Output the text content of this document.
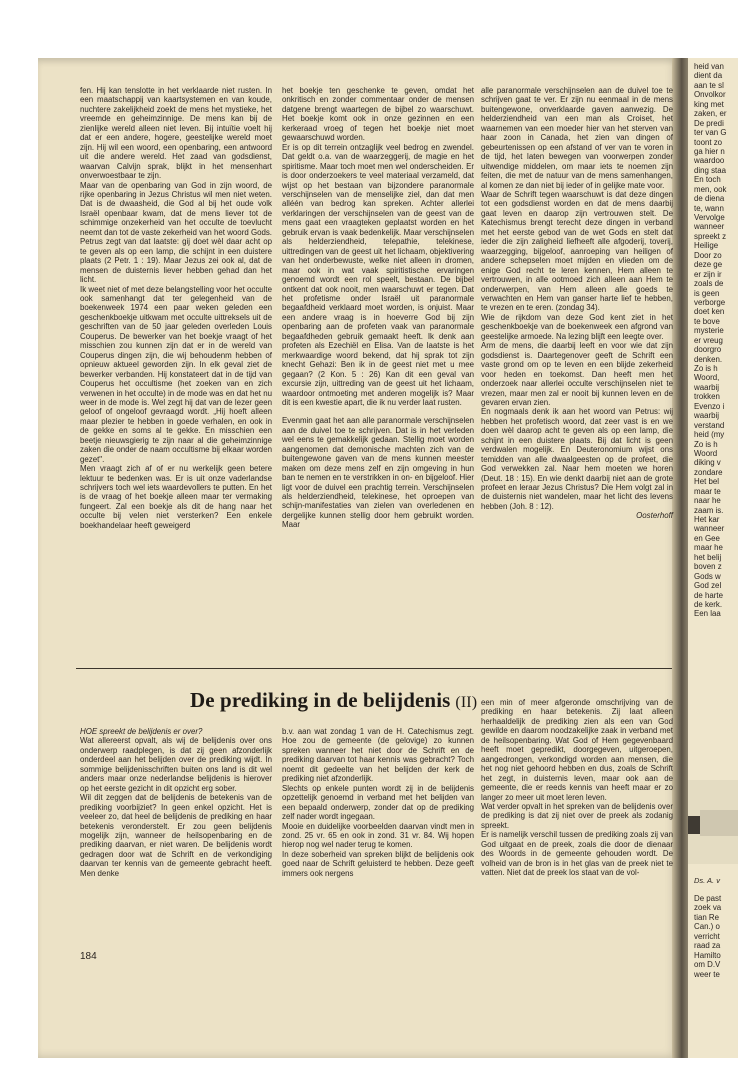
heid van
dient da
aan te sl
Onvolkor
king met
zaken, er
De predi
ter van G
toont zo
ga hier n
waardoo
ding staa
En toch
men, ook
de diena
te, wann
Vervolge
wanneer
spreekt z
Heilige
Door zo
deze ge
er zijn ir
zoals de
is geen
verborge
doet ken
te bove
mysterie
er vreug
doorgro
denken.
Zo is h
Woord,
waarbij
trokken
Evenzo i
waarbij
verstand
heid (my
Zo is h
Woord
diking v
zondare
Het bel
maar te
naar he
zaam is.
Het kar
wanneer
en Gee
maar he
het belij
boven z
Gods w
God zel
de harte
de kerk.
Een laa
Ds. A. v
De past
zoek va
tian Re
Can.) o
verricht
raad za
Hamilto
om D.V
weer te

fen. Hij kan tenslotte in het verklaarde niet rusten. In een maatschappij van kaartsystemen en van koude, nuchtere zakelijkheid zoekt de mens het mystieke, het vreemde en geheimzinnige. De mens kan bij de zienlijke wereld alleen niet leven. Bij intuïtie voelt hij dat er een andere, hogere, geestelijke wereld moet zijn. Hij wil een woord, een openbaring, een antwoord uit die andere wereld. Het zaad van godsdienst, waarvan Calvijn sprak, blijkt in het mensenhart onverwoestbaar te zijn.

Maar van de openbaring van God in zijn woord, de rijke openbaring in Jezus Christus wil men niet weten. Dat is de dwaasheid, die God al bij het oude volk Israël openbaar kwam, dat de mens liever tot de schimmige onzekerheid van het occulte de toevlucht neemt dan tot de vaste zekerheid van het woord Gods. Petrus zegt van dat laatste: gij doet wèl daar acht op te geven als op een lamp, die schijnt in een duistere plaats (2 Petr. 1 : 19). Maar Jezus zei ook al, dat de mensen de duisternis liever hebben gehad dan het licht.

Ik weet niet of met deze belangstelling voor het occulte ook samenhangt dat ter gelegenheid van de boekenweek 1974 een paar weken geleden een geschenkboekje uitkwam met occulte uittreksels uit de geschriften van de 50 jaar geleden overleden Louis Couperus. De bewerker van het boekje vraagt of het misschien zou kunnen zijn dat er in de wereld van Couperus dingen zijn, die wij behoudenm hebben of opnieuw aktueel geworden zijn. In elk geval ziet de bewerker verbanden. Hij konstateert dat in de tijd van Couperus het occultisme (het zoeken van en zich verwenen in het occulte) in de mode was en dat het nu weer in de mode is. Wel zegt hij dat van de lezer geen geloof of ongeloof gevraagd wordt. „Hij hoeft alleen maar plezier te hebben in goede verhalen, en ook in de gekke en soms al te gekke. En misschien een beetje nieuwsgierig te zijn naar al die geheimzinnige zaken die onder de naam occultisme bij elkaar worden gezet".

Men vraagt zich af of er nu werkelijk geen betere lektuur te bedenken was. Er is uit onze vaderlandse schrijvers toch wel iets waardevollers te putten. En het is de vraag of het boekje alleen maar ter vermaking fungeert. Zal een boekje als dit de hang naar het occulte bij velen niet versterken? Een enkele boekhandelaar heeft geweigerd

het boekje ten geschenke te geven, omdat het onkritisch en zonder commentaar onder de mensen datgene brengt waartegen de bijbel zo waarschuwt. Het boekje komt ook in onze gezinnen en een kerkeraad vroeg of tegen het boekje niet moet gewaarschuwd worden.

Er is op dit terrein ontzaglijk veel bedrog en zwendel. Dat geldt o.a. van de waarzeggerij, de magie en het spiritisme. Maar toch moet men wel onderscheiden. Er is door onderzoekers te veel materiaal verzameld, dat wijst op het bestaan van bijzondere paranormale verschijnselen van de menselijke ziel, dan dat men alléén van bedrog kan spreken. Achter allerlei verklaringen der verschijnselen van de geest van de mens gaat een vraagteken geplaatst worden en het gebruik ervan is vaak bedenkelijk. Maar verschijnselen als helderziendheid, telepathie, telekinese, uittredingen van de geest uit het lichaam, objektivering van het onderbewuste, welke niet alleen in dromen, maar ook in wat vaak spiritistische ervaringen genoemd wordt een rol speelt, bestaan. De bijbel ontkent dat ook nooit, men waarschuwt er tegen. Dat het profetisme onder Israël uit paranormale begaafdheid verklaard moet worden, is onjuist. Maar een andere vraag is in hoeverre God bij zijn openbaring aan de profeten vaak van paranormale begaafdheden gebruik gemaakt heeft. Ik denk aan profeten als Ezechiël en Elisa. Van de laatste is het merkwaardige woord bekend, dat hij sprak tot zijn knecht Gehazi: Ben ik in de geest niet met u mee gegaan? (2 Kon. 5 : 26) Kan dit een geval van excursie zijn, uittreding van de geest uit het lichaam, waardoor ontmoeting met anderen mogelijk is? Maar dit is een kwestie apart, die ik nu verder laat rusten.

Evenmin gaat het aan alle paranormale verschijnselen aan de duivel toe te schrijven. Dat is in het verleden wel eens te gemakkelijk gedaan. Stellig moet worden aangenomen dat demonische machten zich van de buitengewone gaven van de mens kunnen meester maken om deze mens zelf en zijn omgeving in hun ban te nemen en te verstrikken in on- en bijgeloof. Hier ligt voor de duivel een prachtig terrein. Verschijnselen als helderziendheid, telekinese, het oproepen van schijn-manifestaties van zielen van overledenen en dergelijke kunnen stellig door hem gebruikt worden. Maar

alle paranormale verschijnselen aan de duivel toe te schrijven gaat te ver. Er zijn nu eenmaal in de mens buitengewone, onverklaarde gaven aanwezig. De helderziendheid van een man als Croiset, het waarnemen van een moeder hier van het sterven van haar zoon in Canada, het zien van dingen of gebeurtenissen op een afstand of ver van te voren in de tijd, het laten bewegen van voorwerpen zonder uitwendige middelen, om maar iets te noemen zijn feiten, die met de natuur van de mens samenhangen, al komen ze dan niet bij ieder of in gelijke mate voor.

Waar de Schrift tegen waarschuwt is dat deze dingen tot een godsdienst worden en dat de mens daarbij gaat leven en daarop zijn vertrouwen stelt. De Katechismus brengt terecht deze dingen in verband met het eerste gebod van de wet Gods en stelt dat ieder die zijn zaligheid liefheeft alle afgoderij, toverij, waarzegging, bijgeloof, aanroeping van heiligen of andere schepselen moet mijden en vlieden om de enige God recht te leren kennen, Hem alleen te vertrouwen, in alle ootmoed zich alleen aan Hem te onderwerpen, van Hem alleen alle goeds te verwachten en Hem van ganser harte lief te hebben, te vrezen en te eren. (zondag 34).

Wie de rijkdom van deze God kent ziet in het geschenkboekje van de boekenweek een afgrond van geestelijke armoede. Na lezing blijft een leegte over.

Arm de mens, die daarbij leeft en voor wie dat zijn godsdienst is. Daartegenover geeft de Schrift een vaste grond om op te leven en een blijde zekerheid voor heden en toekomst. Dan heeft men het onderzoek naar allerlei occulte verschijnselen niet te vrezen, maar men zal er nooit bij kunnen leven en de gevaren ervan zien.

En nogmaals denk ik aan het woord van Petrus: wij hebben het profetisch woord, dat zeer vast is en we doen wèl daarop acht te geven als op een lamp, die schijnt in een duistere plaats. Bij dat licht is geen verdwalen mogelijk. En Deuteronomium wijst ons temidden van alle dwaalgeesten op de profeet, die God verwekken zal. Naar hem moeten we horen (Deut. 18 : 15). En wie denkt daarbij niet aan de grote profeet en leraar Jezus Christus? Die Hem volgt zal in de duisternis niet wandelen, maar het licht des levens hebben (Joh. 8 : 12).

Oosterhoff

De prediking in de belijdenis (II)

HOE spreekt de belijdenis er over?

Wat allereerst opvalt, als wij de belijdenis over ons onderwerp raadplegen, is dat zij geen afzonderlijk onderdeel aan het belijden over de prediking wijdt. In sommige belijdenisschriften buiten ons land is dit wel anders maar onze nederlandse belijdenis is hierover op het eerste gezicht in dit opzicht erg sober.

Wil dit zeggen dat de belijdenis de betekenis van de prediking voorbijziet? In geen enkel opzicht. Het is veeleer zo, dat heel de belijdenis de prediking en haar betekenis veronderstelt. Er zou geen belijdenis mogelijk zijn, wanneer de heilsopenbaring en de prediking daarvan, er niet waren. De belijdenis wordt gedragen door wat de Schrift en de verkondiging daarvan ter kennis van de gemeente gebracht heeft. Men denke

b.v. aan wat zondag 1 van de H. Catechismus zegt. Hoe zou de gemeente (de gelovige) zo kunnen spreken wanneer het niet door de Schrift en de prediking daarvan tot haar kennis was gebracht? Toch noemt dit gedeelte van het belijden der kerk de prediking niet afzonderlijk.

Slechts op enkele punten wordt zij in de belijdenis opzettelijk genoemd in verband met het belijden van een bepaald onderwerp, zonder dat op de prediking zelf nader wordt ingegaan.

Mooie en duidelijke voorbeelden daarvan vindt men in zond. 25 vr. 65 en ook in zond. 31 vr. 84. Wij hopen hierop nog wel nader terug te komen.

In deze soberheid van spreken blijkt de belijdenis ook goed naar de Schrift geluisterd te hebben. Deze geeft immers ook nergens

een min of meer afgeronde omschrijving van de prediking en haar betekenis. Zij laat alleen herhaaldelijk de prediking zien als een van God gewilde en daarom noodzakelijke zaak in verband met de heilsopenbaring. Wat God of Hem gegevenbaard heeft moet gepredikt, doorgegeven, uitgeroepen, aangedrongen, verkondigd worden aan mensen, die het nog niet gehoord hebben en dus, zoals de Schrift het zegt, in duisternis leven, maar ook aan de gemeente, die er reeds kennis van heeft maar er zo langer zo meer uit moet leren leven.

Wat verder opvalt in het spreken van de belijdenis over de prediking is dat zij niet over de preek als zodanig spreekt.

Er is namelijk verschil tussen de prediking zoals zij van God uitgaat en de preek, zoals die door de dienaar des Woords in de gemeente gehouden wordt. De volheid van de bron is in het glas van de preek niet te vatten. Niet dat de preek los staat van de vol-

184
